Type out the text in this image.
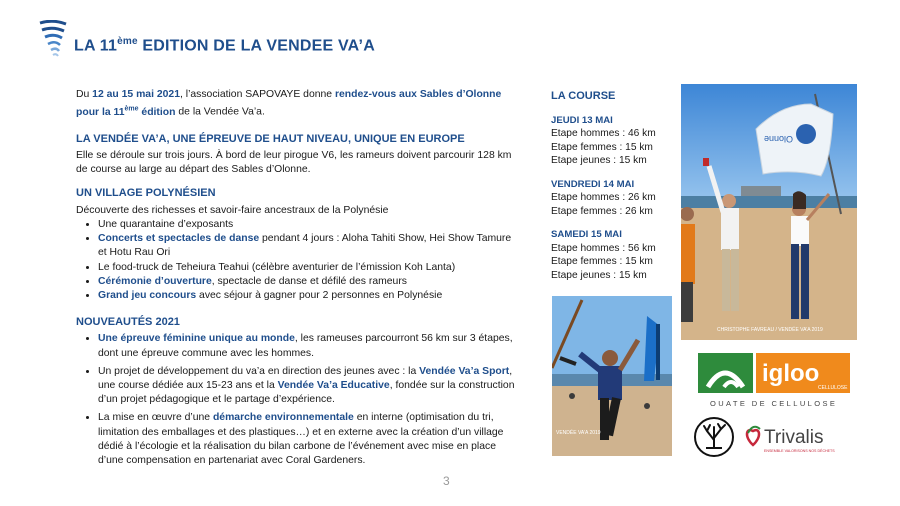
LA 11ème EDITION DE LA VENDEE VA’A

Du 12 au 15 mai 2021, l’association SAPOVAYE donne rendez-vous aux Sables d’Olonne
pour la 11ème édition de la Vendée Va’a.

LA VENDÉE VA’A, UNE ÉPREUVE DE HAUT NIVEAU, UNIQUE EN EUROPE

Elle se déroule sur trois jours. À bord de leur pirogue V6, les rameurs doivent parcourir 128 km de course au large au départ des Sables d’Olonne.

UN VILLAGE POLYNÉSIEN

Découverte des richesses et savoir-faire ancestraux de la Polynésie

• Une quarantaine d’exposants
• Concerts et spectacles de danse pendant 4 jours : Aloha Tahiti Show, Hei Show Tamure et Hotu Rau Ori
• Le food-truck de Teheiura Teahui (célèbre aventurier de l’émission Koh Lanta)
• Cérémonie d’ouverture, spectacle de danse et défilé des rameurs
• Grand jeu concours avec séjour à gagner pour 2 personnes en Polynésie

NOUVEAUTÉS 2021

• Une épreuve féminine unique au monde, les rameuses parcourront 56 km sur 3 étapes, dont une épreuve commune avec les hommes.
• Un projet de développement du va’a en direction des jeunes avec : la Vendée Va’a Sport, une course dédiée aux 15-23 ans et la Vendée Va’a Educative, fondée sur la construction d’un projet pédagogique et le partage d’expérience.
• La mise en œuvre d’une démarche environnementale en interne (optimisation du tri, limitation des emballages et des plastiques…) et en externe avec la création d’un village dédié à l’écologie et la réalisation du bilan carbone de l’événement avec mise en place d’une compensation en partenariat avec Coral Gardeners.
LA COURSE
JEUDI 13 MAI
Etape hommes : 46 km
Etape femmes : 15 km
Etape jeunes : 15 km
VENDREDI 14 MAI
Etape hommes : 26 km
Etape femmes : 26 km
SAMEDI 15 MAI
Etape hommes : 56 km
Etape femmes : 15 km
Etape jeunes : 15 km
Olonne
CHRISTOPHE FAVREAU / VENDÉE VA’A 2019
VENDÉE VA’A 2019
igloo
CELLULOSE
OUATE DE CELLULOSE
Trivalis
ENSEMBLE VALORISONS NOS DÉCHETS
3
